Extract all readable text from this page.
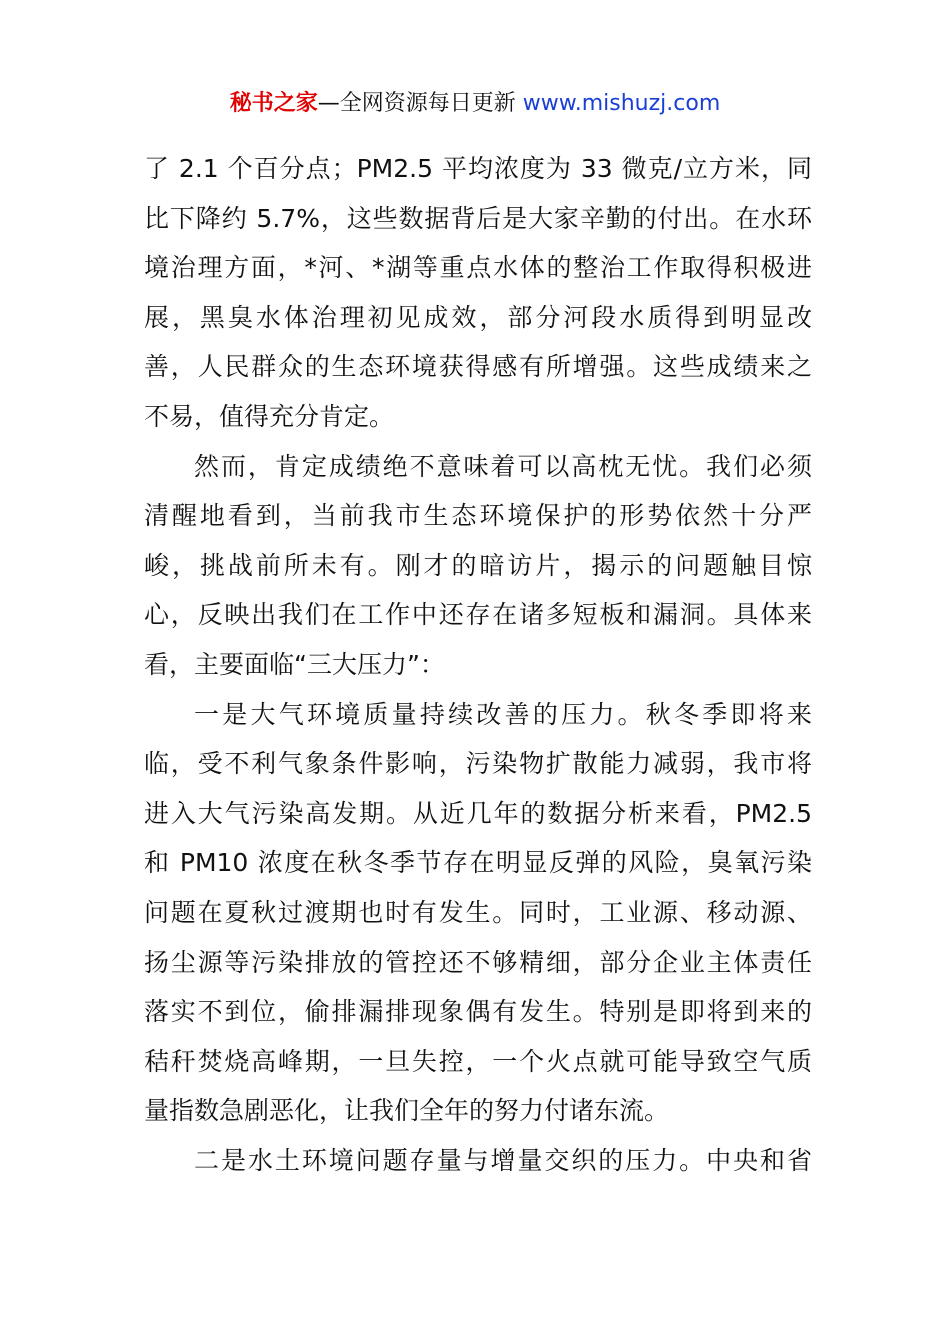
秘书之家—全网资源每日更新 www.mishuzj.com
了 2.1 个百分点；PM2.5 平均浓度为 33 微克/立方米，同
比下降约 5.7%，这些数据背后是大家辛勤的付出。在水环
境治理方面，*河、*湖等重点水体的整治工作取得积极进
展，黑臭水体治理初见成效，部分河段水质得到明显改
善，人民群众的生态环境获得感有所增强。这些成绩来之
不易，值得充分肯定。
然而，肯定成绩绝不意味着可以高枕无忧。我们必须
清醒地看到，当前我市生态环境保护的形势依然十分严
峻，挑战前所未有。刚才的暗访片，揭示的问题触目惊
心，反映出我们在工作中还存在诸多短板和漏洞。具体来
看，主要面临“三大压力”：
一是大气环境质量持续改善的压力。秋冬季即将来
临，受不利气象条件影响，污染物扩散能力减弱，我市将
进入大气污染高发期。从近几年的数据分析来看，PM2.5
和 PM10 浓度在秋冬季节存在明显反弹的风险，臭氧污染
问题在夏秋过渡期也时有发生。同时，工业源、移动源、
扬尘源等污染排放的管控还不够精细，部分企业主体责任
落实不到位，偷排漏排现象偶有发生。特别是即将到来的
秸秆焚烧高峰期，一旦失控，一个火点就可能导致空气质
量指数急剧恶化，让我们全年的努力付诸东流。
二是水土环境问题存量与增量交织的压力。中央和省
